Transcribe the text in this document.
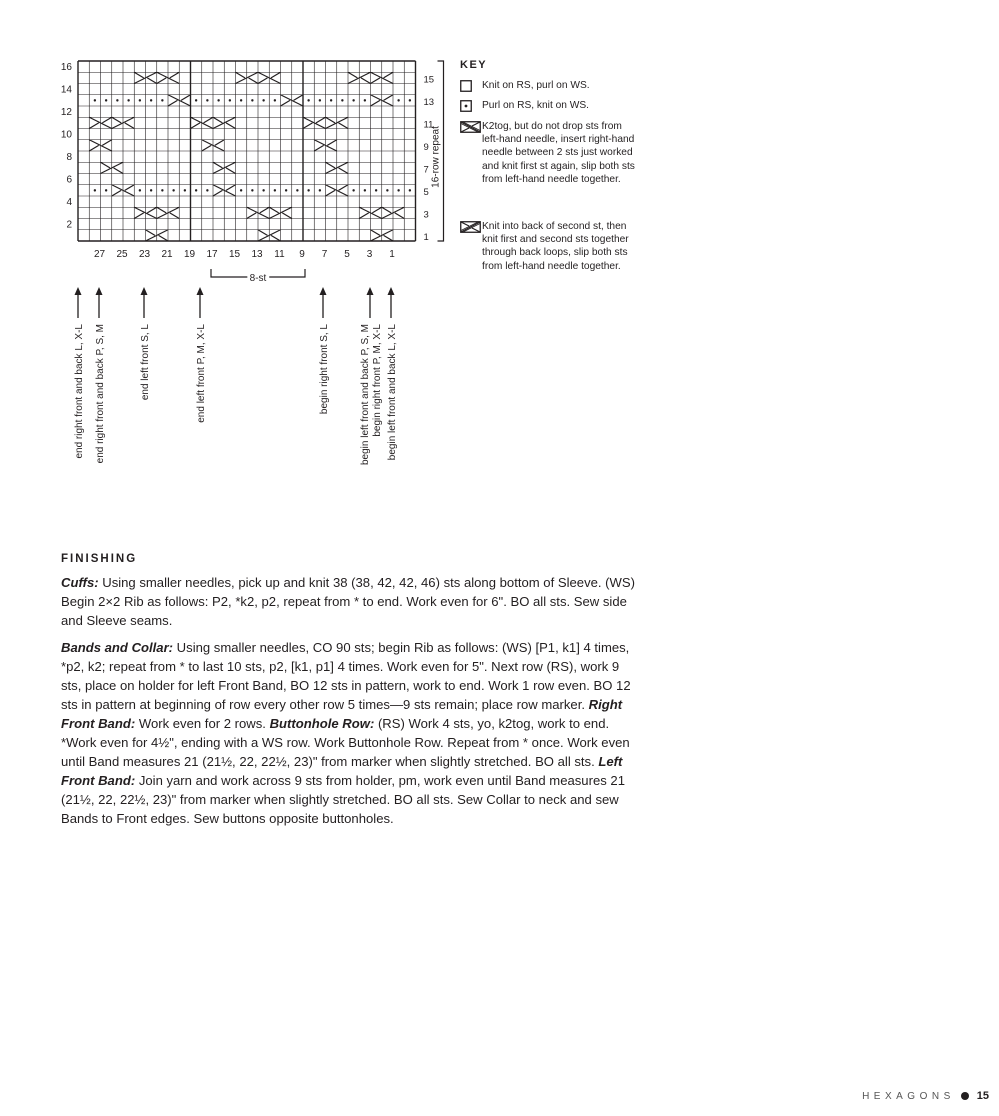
16
14
12
10
8
6
4
2
15
13
11
9
7
5
3
1
27 25 23 21 19 17 15 13 11 9 7 5 3 1
16-row repeat
8-st
end right front and back L, X-L end right front and back P, S, M	end left front S, L	end left front P, M, X-L	begin right front S, L	begin left front and back P, S, M begin right front P, M, X-L begin left front and back L, X-L
KEY
Knit on RS, purl on WS.
Purl on RS, knit on WS.
K2tog, but do not drop sts from left-hand needle, insert right-hand needle between 2 sts just worked and knit first st again, slip both sts from left-hand needle together.
Knit into back of second st, then knit first and second sts together through back loops, slip both sts from left-hand needle together.
FINISHING

Cuffs: Using smaller needles, pick up and knit 38 (38, 42, 42, 46) sts along bottom of Sleeve. (WS) Begin 2×2 Rib as follows: P2, *k2, p2, repeat from * to end. Work even for 6". BO all sts. Sew side and Sleeve seams.

Bands and Collar: Using smaller needles, CO 90 sts; begin Rib as follows: (WS) [P1, k1] 4 times, *p2, k2; repeat from * to last 10 sts, p2, [k1, p1] 4 times. Work even for 5". Next row (RS), work 9 sts, place on holder for left Front Band, BO 12 sts in pattern, work to end. Work 1 row even. BO 12 sts in pattern at beginning of row every other row 5 times—9 sts remain; place row marker. Right Front Band: Work even for 2 rows. Buttonhole Row: (RS) Work 4 sts, yo, k2tog, work to end. *Work even for 4½", ending with a WS row. Work Buttonhole Row. Repeat from * once. Work even until Band measures 21 (21½, 22, 22½, 23)" from marker when slightly stretched. BO all sts. Left Front Band: Join yarn and work across 9 sts from holder, pm, work even until Band measures 21 (21½, 22, 22½, 23)" from marker when slightly stretched. BO all sts. Sew Collar to neck and sew Bands to Front edges. Sew buttons opposite buttonholes.

HEXAGONS 15
